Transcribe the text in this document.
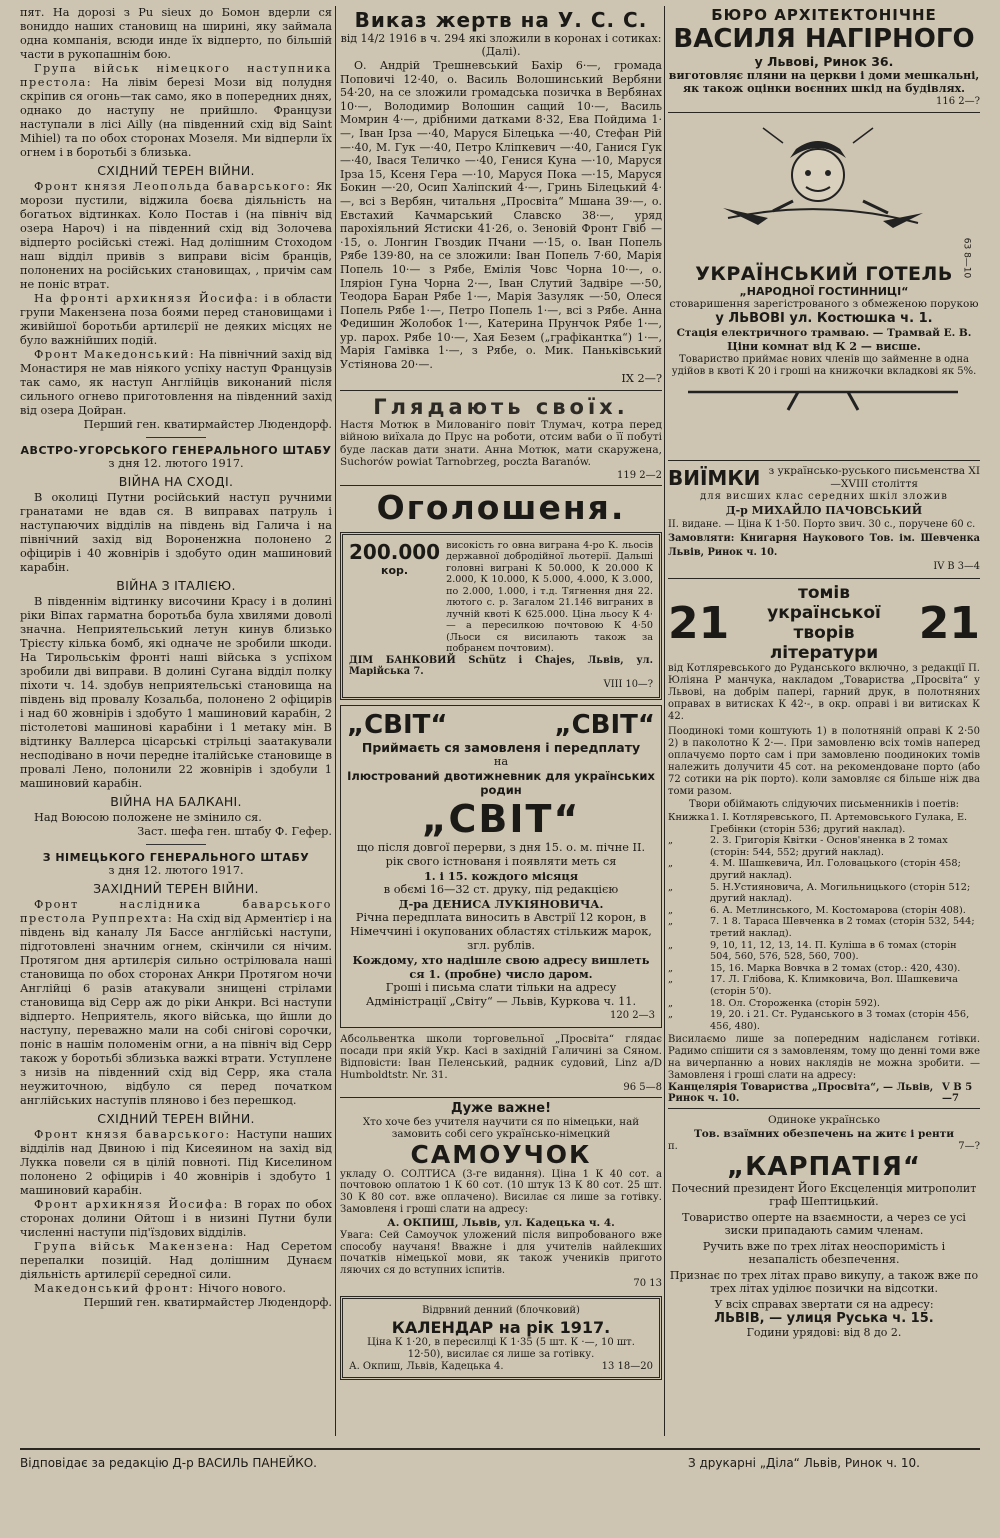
пят. На дорозі з Pu sieux до Бомон вдерли ся вониддо наших становищ на ширині, яку займала одна компанія, всюди инде їх відперто, по більшій части в рукопашнім бою.

Група військ німецкого наступника престола: На лівім березі Мози від полудня скріпив ся огонь—так само, яко в попередних днях, однако до наступу не прийшло. Французи наступали в лісі Ailly (на південний схід від Saint Mihiel) та по обох сторонах Мозеля. Ми відперли їх огнем і в боротьбі з близька.

СХІДНИЙ ТЕРЕН ВІЙНИ.

Фронт князя Леопольда баварського: Як морози пустили, віджила боєва діяльність на богатьох відтинках. Коло Постав і (на північ від озера Нароч) і на південний схід від Золочева відперто російські стежі. Над долішним Стоходом наш відділ привів з виправи вісім бранців, полонених на російських становищах, , причім сам не поніс втрат.

На фронті архикнязя Йосифа: і в области групи Макензена поза боями перед становищами і живійшої боротьби артилєрії не деяких місцях не було важнійших подій.

Фронт Македонський: На північний захід від Монастиря не мав ніякого успіху наступ Французів так само, як наступ Англійців виконаний після сильного огнево приготовлення на південний захід від озера Дойран.

Перший ген. кватирмайстер Людендорф.
АВСТРО-УГОРСЬКОГО ГЕНЕРАЛЬНОГО ШТАБУ

з дня 12. лютого 1917.

ВІЙНА НА СХОДІ.

В околиці Путни російський наступ ручними гранатами не вдав ся. В виправах патруль і наступаючих відділів на південь від Галича і на північний захід від Вороненжна полонено 2 офіцирів і 40 жовнірів і здобуто один машиновий карабін.

ВІЙНА З ІТАЛІЄЮ.

В південнім відтинку височини Красу і в долині ріки Віпах гарматна боротьба була хвилями доволі значна. Неприятельський летун кинув близько Трієсту кілька бомб, які одначе не зробили шкоди. На Тирольськім фронті наші війська з успіхом зробили дві виправи. В долині Сугана відділ полку піхоти ч. 14. здобув неприятельські становища на південь від провалу Козальба, полонено 2 офіцирів і над 60 жовнірів і здобуто 1 машиновий карабін, 2 пістолетові машинові карабіни і 1 метаку мін. В відтинку Валлерса цісарські стрільці заатакували несподівано в ночи передне італійське становище в провалі Лено, полонили 22 жовнірів і здобули 1 машиновий карабін.

ВІЙНА НА БАЛКАНІ.

Над Воюсою положене не змінило ся.

Заст. шефа ген. штабу Ф. Гефер.
З НІМЕЦЬКОГО ГЕНЕРАЛЬНОГО ШТАБУ

з дня 12. лютого 1917.

ЗАХІДНИЙ ТЕРЕН ВІЙНИ.

Фронт наслідника баварського престола Руппрехта: На схід від Арментієр і на південь від каналу Ля Бассе англійські наступи, підготовлені значним огнем, скінчили ся нічим. Протягом дня артилєрія сильно острілювала наші становища по обох сторонах Анкри Протягом ночи Англійці 6 разів атакували знищені стрілами становища від Серр аж до ріки Анкри. Всі наступи відперто. Неприятель, якого війська, що йшли до наступу, переважно мали на собі снігові сорочки, поніс в нашім поломенім огни, а на північ від Серр також у боротьбі зблизька важкі втрати. Уступлене з низів на південний схід від Серр, яка стала неужиточною, відбуло ся перед початком англійських наступів пляново і без перешкод.

СХІДНИЙ ТЕРЕН ВІЙНИ.

Фронт князя баварського: Наступи наших відділів над Двиною і під Кисеяином на захід від Лукка повели ся в цілій повноті. Під Киселином полонено 2 офіцирів і 40 жовнірів і здобуто 1 машиновий карабін.

Фронт архикнязя Йосифа: В горах по обох сторонах долини Ойтош і в низині Путни були численні наступи під'їздових відділів.

Група військ Макензена: Над Серетом перепалки позицій. Над долішним Дунаєм діяльність артилєрії середної сили.

Македонський фронт: Нічого нового.

Перший ген. кватирмайстер Людендорф.
Виказ жертв на У. С. С.

від 14/2 1916 в ч. 294 які зложили в коронах і сотиках:

(Далі).

О. Андрій Трешневський Бахір 6·—, громада Поповичі 12·40, о. Василь Волошинський Вербяни 54·20, на се зложили громадська позичка в Вербянах 10·—, Володимир Волошин сащий 10·—, Василь Момрин 4·—, дрібними датками 8·32, Ева Пойдима 1·—, Іван Ірза —·40, Маруся Білецька —·40, Стефан Рій —·40, М. Гук —·40, Петро Кліпкевич —·40, Ганися Гук —·40, Івася Теличко —·40, Генися Куна —·10, Маруся Ірза 15, Ксеня Гера —·10, Маруся Пока —·15, Маруся Бокин —·20, Осип Халіпский 4·—, Гринь Білецький 4·—, всі з Вербян, читальня „Просвіта“ Мшана 39·—, о. Евстахий Качмарський Славско 38·—, уряд парохіяльний Ястиски 41·26, о. Зеновій Фронт Гвіб —·15, о. Лонгин Гвоздик Пчани —·15, о. Іван Попель Рябе 139·80, на се зложили: Іван Попель 7·60, Марія Попель 10·— з Рябе, Емілія Човс Чорна 10·—, о. Іляріон Гуна Чорна 2·—, Іван Слутий Задвіре —·50, Теодора Баран Рябе 1·—, Марія Зазуляк —·50, Олеся Попель Рябе 1·—, Петро Попель 1·—, всі з Рябе. Анна Федишин Жолобок 1·—, Катерина Прунчок Рябе 1·—, ур. парох. Рябе 10·—, Хая Безем („графікантка“) 1·—, Марія Гамівка 1·—, з Рябе, о. Мик. Паньківський Устіянова 20·—.

IX 2—?

Глядають своїх.

Настя Мотюк в Милованіго повіт Тлумач, котра перед війною виїхала до Прус на роботи, отсим ваби о її побуті буде ласкав дати знати. Анна Мотюк, мати скаружена, Suchorów powiat Tarnobrzeg, poczta Baranów.

119 2—2

Оголошеня.
200.000
кор.

високість го овна виграна 4-ро К. льосів державної добродійної льотерії. Дальші головні виграні К 50.000, К 20.000 К 2.000, К 10.000, К 5.000, 4.000, К 3.000, по 2.000, 1.000, і т.д. Тягнення дня 22. лютого с. р. Загалом 21.146 виграних в лучній квоті К 625.000. Ціна льосу К 4·— а пересилкою почтовою К 4·50 (Льоси ся висилають також за побранєм почтовим).

ДІМ БАНКОВИЙ Schütz i Chajes, Львів, ул. Марійська 7.

VIII 10—?

„СВІТ“	„СВІТ“
Приймаєть ся замовленя і передплату

на

Ілюстрований двотижневник для українських родин
„СВІТ“

що після довгої перерви, з дня 15. о. м. пічне II. рік свого істнованя і появляти меть ся

1. і 15. кождого місяця

в обємі 16—32 ст. друку, під редакцією

Д-ра ДЕНИСА ЛУКІЯНОВИЧА.

Річна передплата виносить в Австрії 12 корон, в Німеччині і окупованих областях стількиж марок, згл. рублів.

Кождому, хто надішле свою адресу вишлеть ся 1. (пробне) число даром.

Гроші і письма слати тільки на адресу Адміністрації „Світу“ — Львів, Куркова ч. 11.

120 2—3

Абсольвентка школи торговельної „Просвіта“ глядає посади при якій Укр. Касі в західній Галичині за Сяном. Відповісти: Іван Пеленський, радник судовий, Linz a/D Humboldtstr. Nr. 31.

96 5—8

Дуже важне!

Хто хоче без учителя научити ся по німецьки, най замовить собі сего українсько-німецкий

САМОУЧОК

укладу О. СОЛТИСА (3-ге видання). Ціна 1 К 40 сот. а почтовою оплатою 1 К 60 сот. (10 штук 13 К 80 сот. 25 шт. 30 К 80 сот. вже оплачено). Висилає ся лише за готівку. Замовленя і гроші слати на адресу:

А. ОКПИШ, Львів, ул. Кадецька ч. 4.

Увага: Сей Самоучок уложений після випробованого вже способу научаня! Вважне і для учителів найлекших початків німецької мови, як також учеників пригото ляючих ся до вступних іспитів.

70 13

Відрвний денний (блочковий)

КАЛЕНДАР на рік 1917.

Ціна К 1·20, в пересилці К 1·35 (5 шт. К ·—, 10 шт. 12·50), висилає ся лише за готівку.

А. Окпиш, Львів, Кадецька 4.	13 18—20
БЮРО АРХІТЕКТОНІЧНЕ
ВАСИЛЯ НАГІРНОГО
у Львові, Ринок 36.

виготовляє пляни на церкви і доми мешкальні, як також оцінки воєнних шкід на будівлях.

116 2—?

УКРАЇНСЬКИЙ ГОТЕЛЬ
„НАРОДНОЇ ГОСТИННИЦІ“

стоваришення зарегістрованого з обмеженою порукою

у ЛЬВОВІ ул. Костюшка ч. 1.

Стація електричного трамваю. — Трамвай Е. В.

Ціни комнат від К 2 — висше.

Товариство приймає нових членів що займенне в одна удійов в квоті К 20 і гроші на книжочки вкладкові як 5%.

63 8—10
ВИЇМКИ з українсько-руського письменства XI—XVIII століття

для висших клас середних шкіл зложив

Д-р МИХАЙЛО ПАЧОВСЬКИЙ

II. видане. — Ціна К 1·50. Порто звич. 30 с., поручене 60 с.

Замовляти: Книгарня Наукового Тов. ім. Шевченка Львів, Ринок ч. 10.

IV В 3—4

21
томів української творів літератури
21

від Котляревського до Руданського включно, з редакції П. Юліяна Р манчука, накладом „Товариства „Просвіта“ у Львові, на добрім папері, гарний друк, в полотняних оправах в витисках К 42·-, в окр. оправі і ви витисках К 42.

Поодинокі томи коштують 1) в полотняній оправі К 2·50 2) в паколотно К 2·—. При замовленю всіх томів наперед оплачуємо порто сам і при замовленю поодиноких томів належить долучити 45 сот. на рекомендоване порто (або 72 сотики на рік порто). коли замовляє ся більше ніж два томи разом.

Твори обіймають слідуючих письменників і поетів:

Книжка 1. І. Котляревського, П. Артемовського Гулака, Е. Гребінки (сторін 536; другий наклад).
„	2. 3. Григорія Квітки - Основ'яненка в 2 томах (сторін: 544, 552; другий наклад).
„	4. М. Шашкевича, Ил. Головацького (сторін 458; другий наклад).
„	5. Н.Устияновича, А. Могильницького (сторін 512; другий наклад).
„	6. А. Метлинського, М. Костомарова (сторін 408).
„	7. 1 8. Тараса Шевченка в 2 томах (сторін 532, 544; третий наклад).
„	9, 10, 11, 12, 13, 14. П. Куліша в 6 томах (сторін 504, 560, 576, 528, 560, 700).
„	15, 16. Марка Вовчка в 2 томах (стор.: 420, 430).
„	17. Л. Глібова, К. Климковича, Вол. Шашкевича (сторін 5ʼ0).
„	18. Ол. Стороженка (сторін 592).
„	19, 20. і 21. Ст. Руданського в 3 томах (сторін 456, 456, 480).

Висилаємо лише за попередним надісланєм готівки. Радимо спішити ся з замовленям, тому що денні томи вже на вичерпанню а нових наклядів не можна зробити. — Замовленя і гроші слати на адресу:

Канцелярія Товариства „Просвіта“, — Львів, Ринок ч. 10.
V В 5—7

Одиноке українсько

Тов. взаїмних обезпечень на житє і ренти

п.	7—?
„КАРПАТІЯ“

Почесний президент Його Ексцеленція митрополит граф Шептицький.

Товариство оперте на взаємности, а через се усі зиски припадають самим членам.

Ручить вже по трех літах неоспоримість і незапалість обезпечення.

Признає по трех літах право викупу, а також вже по трех літах уділює позички на відсотки.

У всіх справах звертати ся на адресу:

ЛЬВІВ, — улиця Руська ч. 15.

Години урядові: від 8 до 2.

Відповідає за редакцію Д-р ВАСИЛЬ ПАНЕЙКО.	З друкарні „Діла“ Львів, Ринок ч. 10.
